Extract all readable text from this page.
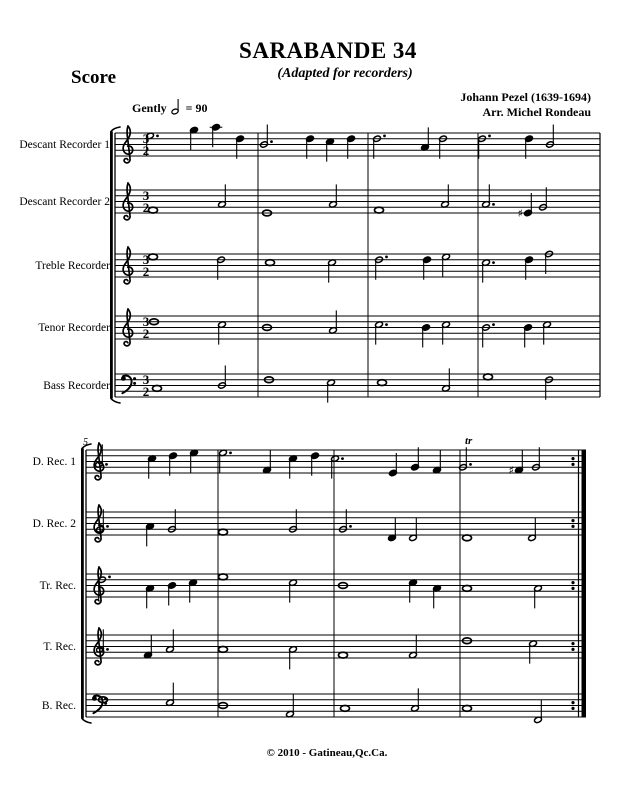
SARABANDE 34
(Adapted for recorders)
Score
Gently = 90
Johann Pezel (1639-1694)
Arr. Michel Rondeau
3
2
Descant Recorder 1
3
2
Descant Recorder 2
♯
3
2
Treble Recorder
3
2
Tenor Recorder
3
2
Bass Recorder
5
D. Rec. 1
tr
♯
D. Rec. 2
Tr. Rec.
T. Rec.
B. Rec.
© 2010 - Gatineau,Qc.Ca.
